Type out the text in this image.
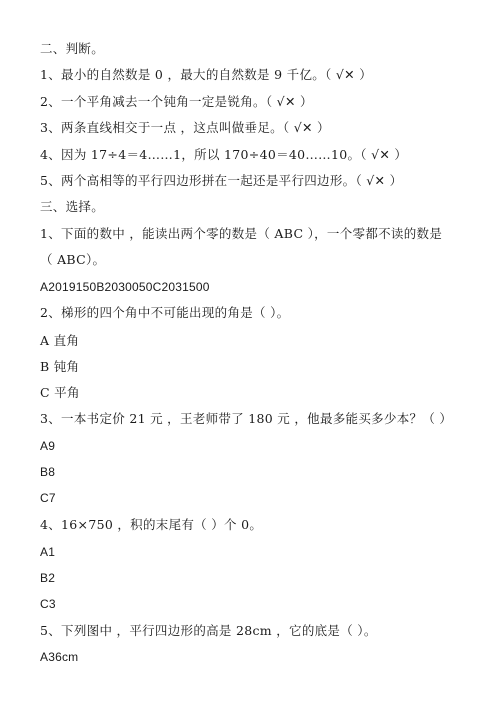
二、判断。
1、最小的自然数是 0 ，最大的自然数是 9 千亿。（ √✕ ）
2、一个平角减去一个钝角一定是锐角。（ √✕ ）
3、两条直线相交于一点 ，这点叫做垂足。（ √✕ ）
4、因为 17÷4＝4……1，所以 170÷40＝40……10。（ √✕ ）
5、两个高相等的平行四边形拼在一起还是平行四边形。（ √✕ ）
三、选择。
1、下面的数中 ，能读出两个零的数是（ ABC ），一个零都不读的数是
（ ABC）。
A2019150B2030050C2031500
2、梯形的四个角中不可能出现的角是（ ）。
A 直角
B 钝角
C 平角
3、一本书定价 21 元 ，王老师带了 180 元 ，他最多能买多少本？（ ）
A9
B8
C7
4、16×750 ，积的末尾有（ ）个 0。
A1
B2
C3
5、下列图中 ，平行四边形的高是 28cm ，它的底是（ ）。
A36cm
